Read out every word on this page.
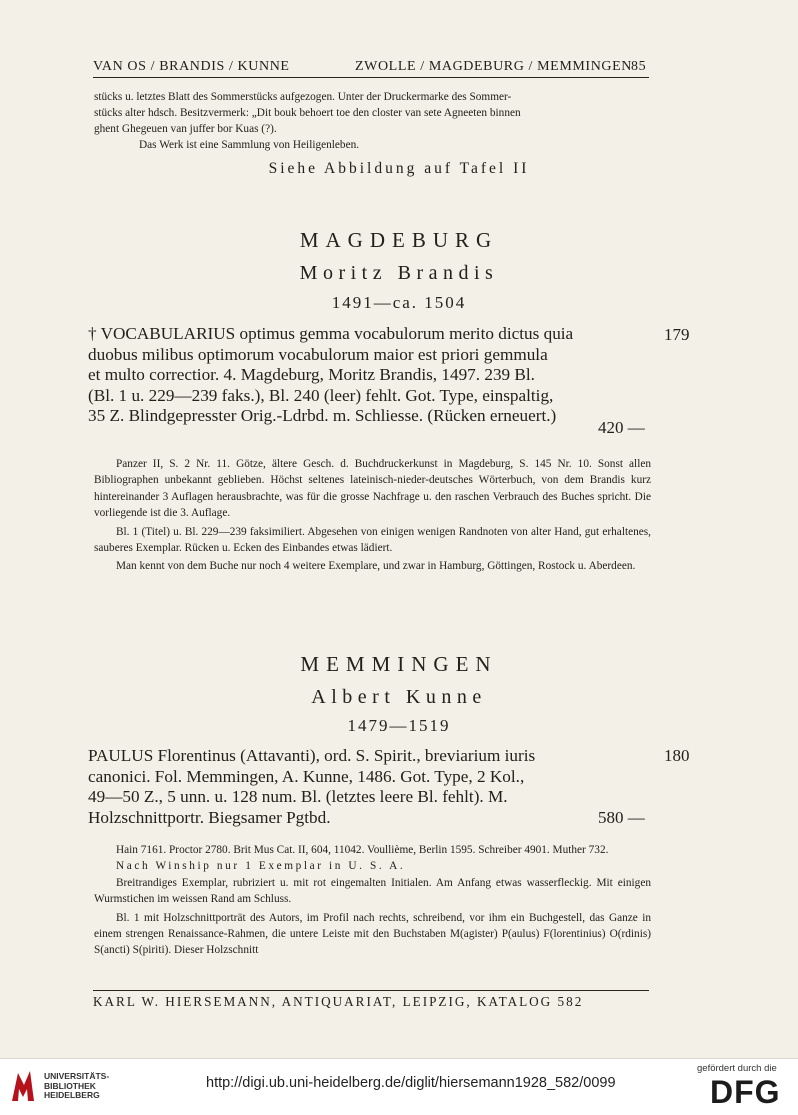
VAN OS / BRANDIS / KUNNE	ZWOLLE / MAGDEBURG / MEMMINGEN 85
stücks u. letztes Blatt des Sommerstücks aufgezogen. Unter der Druckermarke des Sommer-
stücks alter hdsch. Besitzvermerk: „Dit bouk behoert toe den closter van sete Agneeten binnen
ghent Ghegeuen van juffer bor Kuas (?).
Das Werk ist eine Sammlung von Heiligenleben.
Siehe Abbildung auf Tafel II
MAGDEBURG
Moritz Brandis
1491—ca. 1504
† VOCABULARIUS optimus gemma vocabulorum merito dictus quia
duobus milibus optimorum vocabulorum maior est priori gemmula
et multo correctior. 4. Magdeburg, Moritz Brandis, 1497. 239 Bl.
(Bl. 1 u. 229—239 faks.), Bl. 240 (leer) fehlt. Got. Type, einspaltig,
35 Z. Blindgepresster Orig.-Ldrbd. m. Schliesse. (Rücken erneuert.)
179
420 —

Panzer II, S. 2 Nr. 11. Götze, ältere Gesch. d. Buchdruckerkunst in Magdeburg, S. 145 Nr. 10. Sonst allen Bibliographen unbekannt geblieben. Höchst seltenes lateinisch-nieder-deutsches Wörterbuch, von dem Brandis kurz hintereinander 3 Auflagen herausbrachte, was für die grosse Nachfrage u. den raschen Verbrauch des Buches spricht. Die vorliegende ist die 3. Auflage.

Bl. 1 (Titel) u. Bl. 229—239 faksimiliert. Abgesehen von einigen wenigen Randnoten von alter Hand, gut erhaltenes, sauberes Exemplar. Rücken u. Ecken des Einbandes etwas lädiert.

Man kennt von dem Buche nur noch 4 weitere Exemplare, und zwar in Hamburg, Göttingen, Rostock u. Aberdeen.

MEMMINGEN
Albert Kunne
1479—1519
PAULUS Florentinus (Attavanti), ord. S. Spirit., breviarium iuris
canonici. Fol. Memmingen, A. Kunne, 1486. Got. Type, 2 Kol.,
49—50 Z., 5 unn. u. 128 num. Bl. (letztes leere Bl. fehlt). M.
Holzschnittportr. Biegsamer Pgtbd.
180
580 —

Hain 7161. Proctor 2780. Brit Mus Cat. II, 604, 11042. Voullième, Berlin 1595. Schreiber 4901. Muther 732.

Nach Winship nur 1 Exemplar in U. S. A.

Breitrandiges Exemplar, rubriziert u. mit rot eingemalten Initialen. Am Anfang etwas wasserfleckig. Mit einigen Wurmstichen im weissen Rand am Schluss.

Bl. 1 mit Holzschnittporträt des Autors, im Profil nach rechts, schreibend, vor ihm ein Buchgestell, das Ganze in einem strengen Renaissance-Rahmen, die untere Leiste mit den Buchstaben M(agister) P(aulus) F(lorentinius) O(rdinis) S(ancti) S(piriti). Dieser Holzschnitt

KARL W. HIERSEMANN, ANTIQUARIAT, LEIPZIG, KATALOG 582
UNIVERSITÄTS-
BIBLIOTHEK
HEIDELBERG
http://digi.ub.uni-heidelberg.de/diglit/hiersemann1928_582/0099
gefördert durch die
DFG
